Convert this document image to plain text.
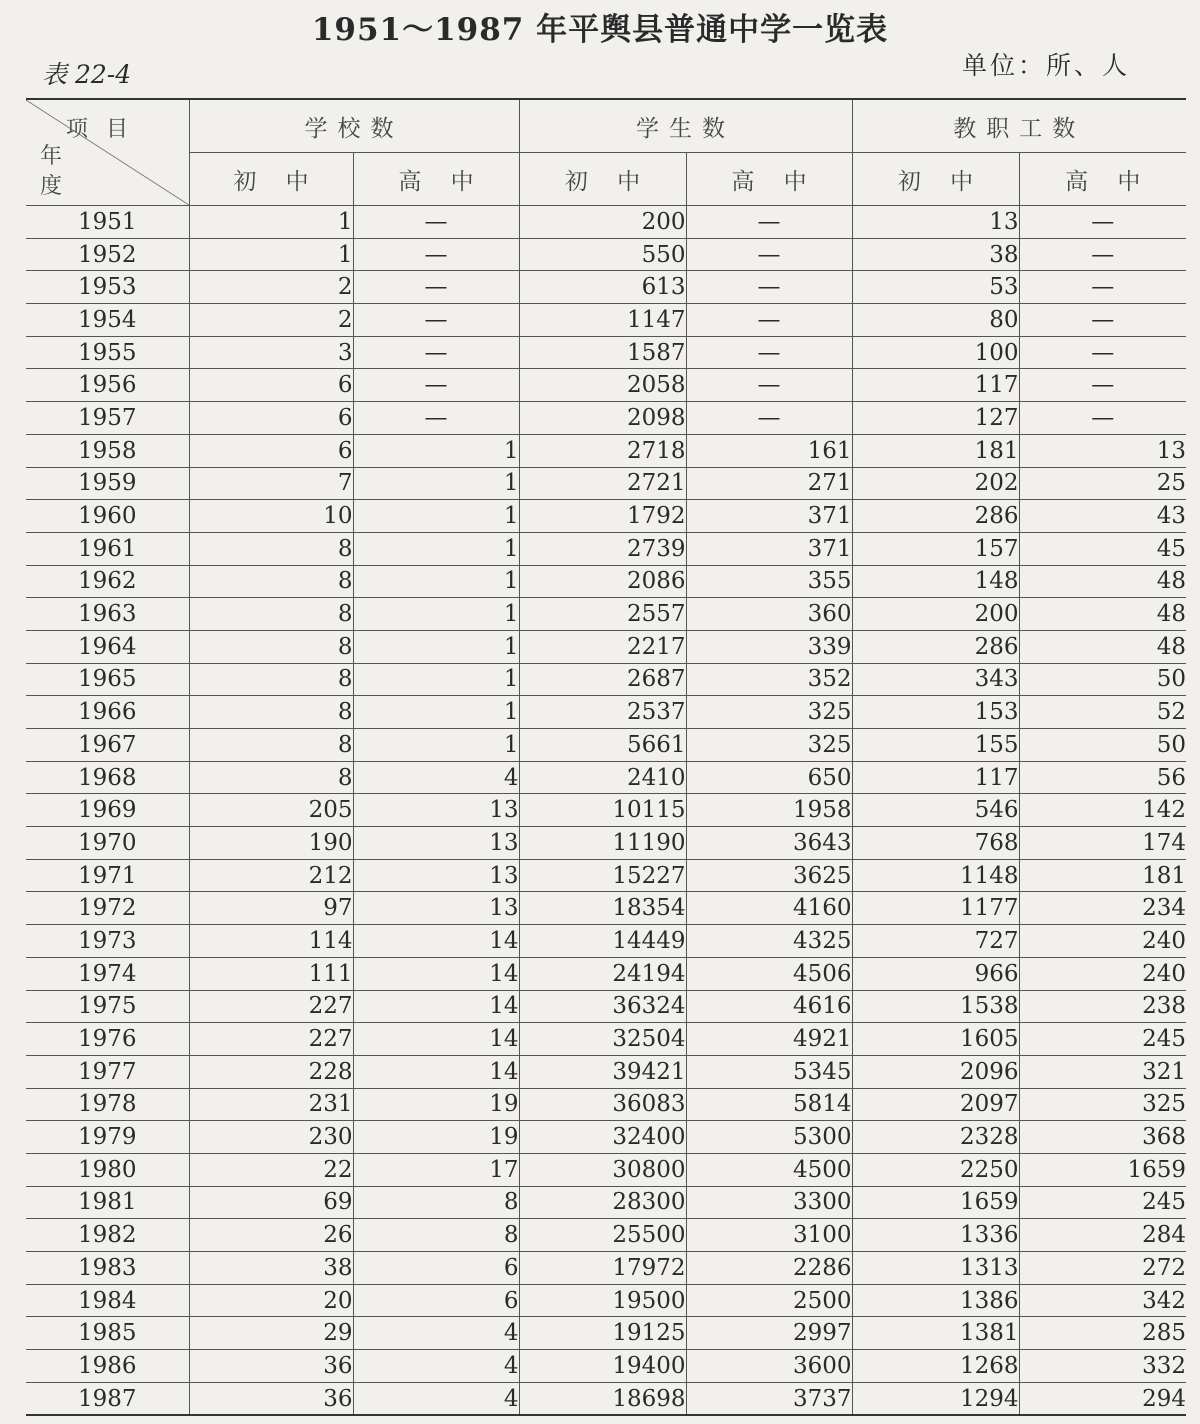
1951～1987 年平舆县普通中学一览表
表 22-4	单位：所、人
项目
年度	学校数		学生数		教职工数	
	初 中	高 中	初 中	高 中	初 中	高 中
1951	1	—	200	—	13	—
1952	1	—	550	—	38	—
1953	2	—	613	—	53	—
1954	2	—	1147	—	80	—
1955	3	—	1587	—	100	—
1956	6	—	2058	—	117	—
1957	6	—	2098	—	127	—
1958	6	1	2718	161	181	13
1959	7	1	2721	271	202	25
1960	10	1	1792	371	286	43
1961	8	1	2739	371	157	45
1962	8	1	2086	355	148	48
1963	8	1	2557	360	200	48
1964	8	1	2217	339	286	48
1965	8	1	2687	352	343	50
1966	8	1	2537	325	153	52
1967	8	1	5661	325	155	50
1968	8	4	2410	650	117	56
1969	205	13	10115	1958	546	142
1970	190	13	11190	3643	768	174
1971	212	13	15227	3625	1148	181
1972	97	13	18354	4160	1177	234
1973	114	14	14449	4325	727	240
1974	111	14	24194	4506	966	240
1975	227	14	36324	4616	1538	238
1976	227	14	32504	4921	1605	245
1977	228	14	39421	5345	2096	321
1978	231	19	36083	5814	2097	325
1979	230	19	32400	5300	2328	368
1980	22	17	30800	4500	2250	1659
1981	69	8	28300	3300	1659	245
1982	26	8	25500	3100	1336	284
1983	38	6	17972	2286	1313	272
1984	20	6	19500	2500	1386	342
1985	29	4	19125	2997	1381	285
1986	36	4	19400	3600	1268	332
1987	36	4	18698	3737	1294	294
